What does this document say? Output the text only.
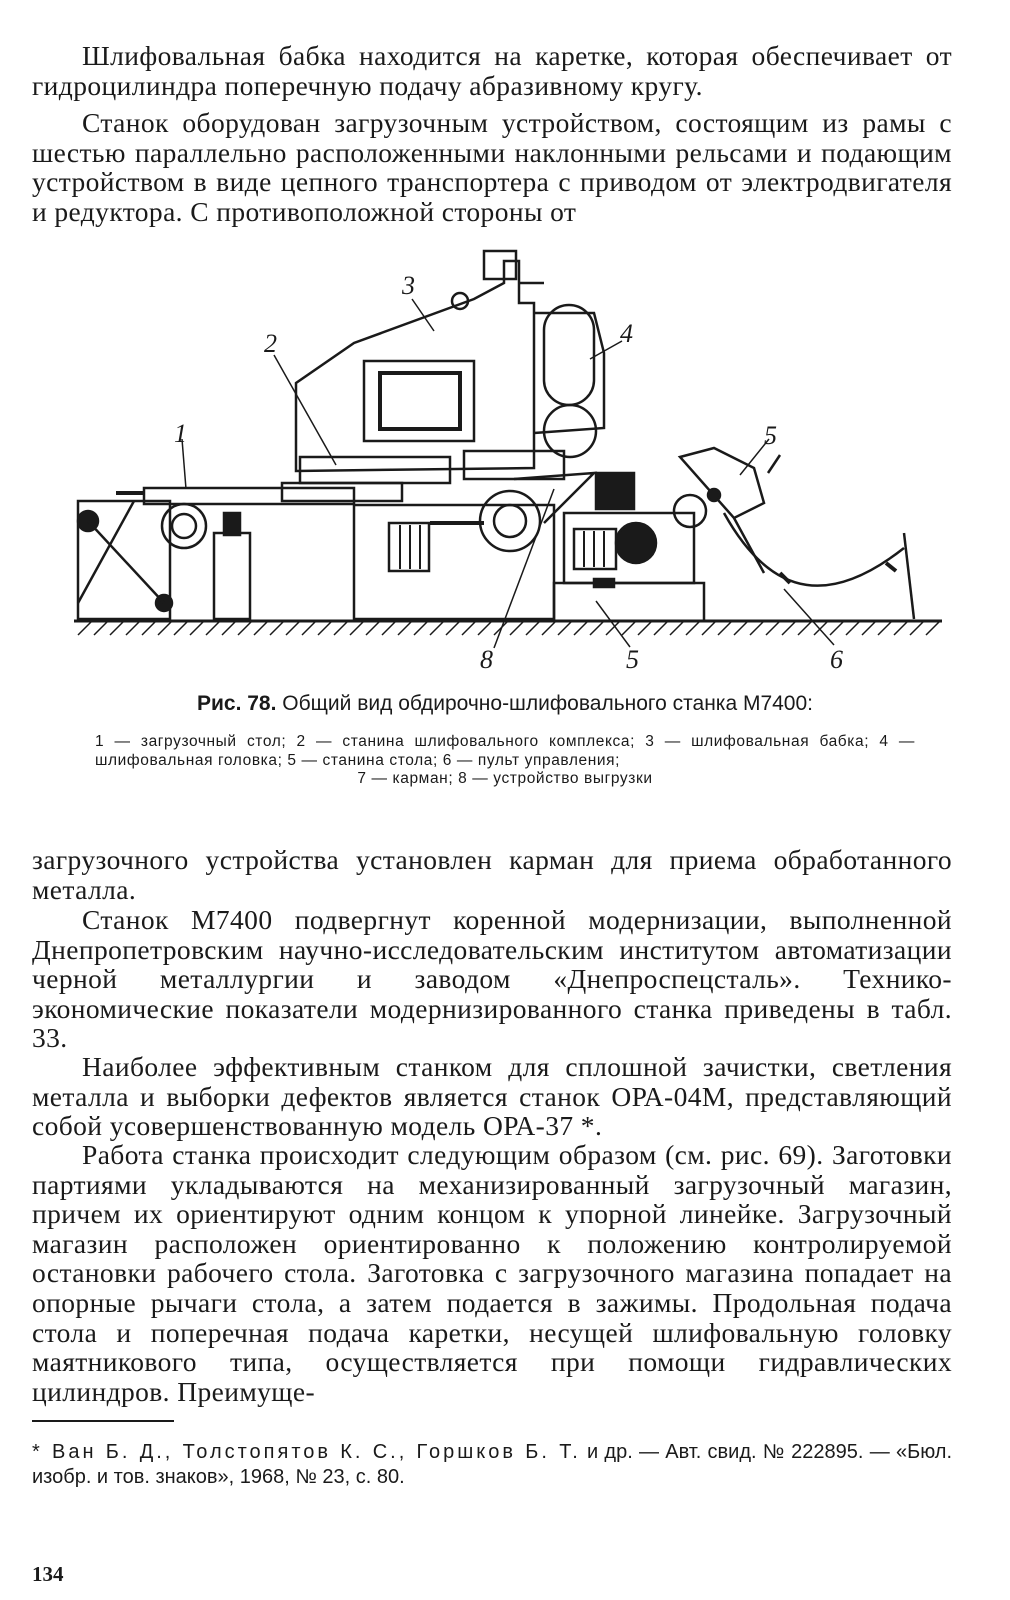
Шлифовальная бабка находится на каретке, которая обеспечивает от гидроцилиндра поперечную подачу абразивному кругу.

Станок оборудован загрузочным устройством, состоящим из рамы с шестью параллельно расположенными наклонными рельсами и подающим устройством в виде цепного транспортера с приводом от электродвигателя и редуктора. С противоположной стороны от

1
2
3
4
5
8	5	6
Рис. 78. Общий вид обдирочно-шлифовального станка М7400:

1 — загрузочный стол; 2 — станина шлифовального комплекса; 3 — шлифовальная бабка; 4 — шлифовальная головка; 5 — станина стола; 6 — пульт управления;
7 — карман; 8 — устройство выгрузки

загрузочного устройства установлен карман для приема обработанного металла.

Станок М7400 подвергнут коренной модернизации, выполненной Днепропетровским научно-исследовательским институтом автоматизации черной металлургии и заводом «Днепроспецсталь». Технико-экономические показатели модернизированного станка приведены в табл. 33.

Наиболее эффективным станком для сплошной зачистки, светления металла и выборки дефектов является станок ОРА-04М, представляющий собой усовершенствованную модель ОРА-37 *.

Работа станка происходит следующим образом (см. рис. 69). Заготовки партиями укладываются на механизированный загрузочный магазин, причем их ориентируют одним концом к упорной линейке. Загрузочный магазин расположен ориентированно к положению контролируемой остановки рабочего стола. Заготовка с загрузочного магазина попадает на опорные рычаги стола, а затем подается в зажимы. Продольная подача стола и поперечная подача каретки, несущей шлифовальную головку маятникового типа, осуществляется при помощи гидравлических цилиндров. Преимуще-

* Ван Б. Д., Толстопятов К. С., Горшков Б. Т. и др. — Авт. свид. № 222895. — «Бюл. изобр. и тов. знаков», 1968, № 23, с. 80.

134
